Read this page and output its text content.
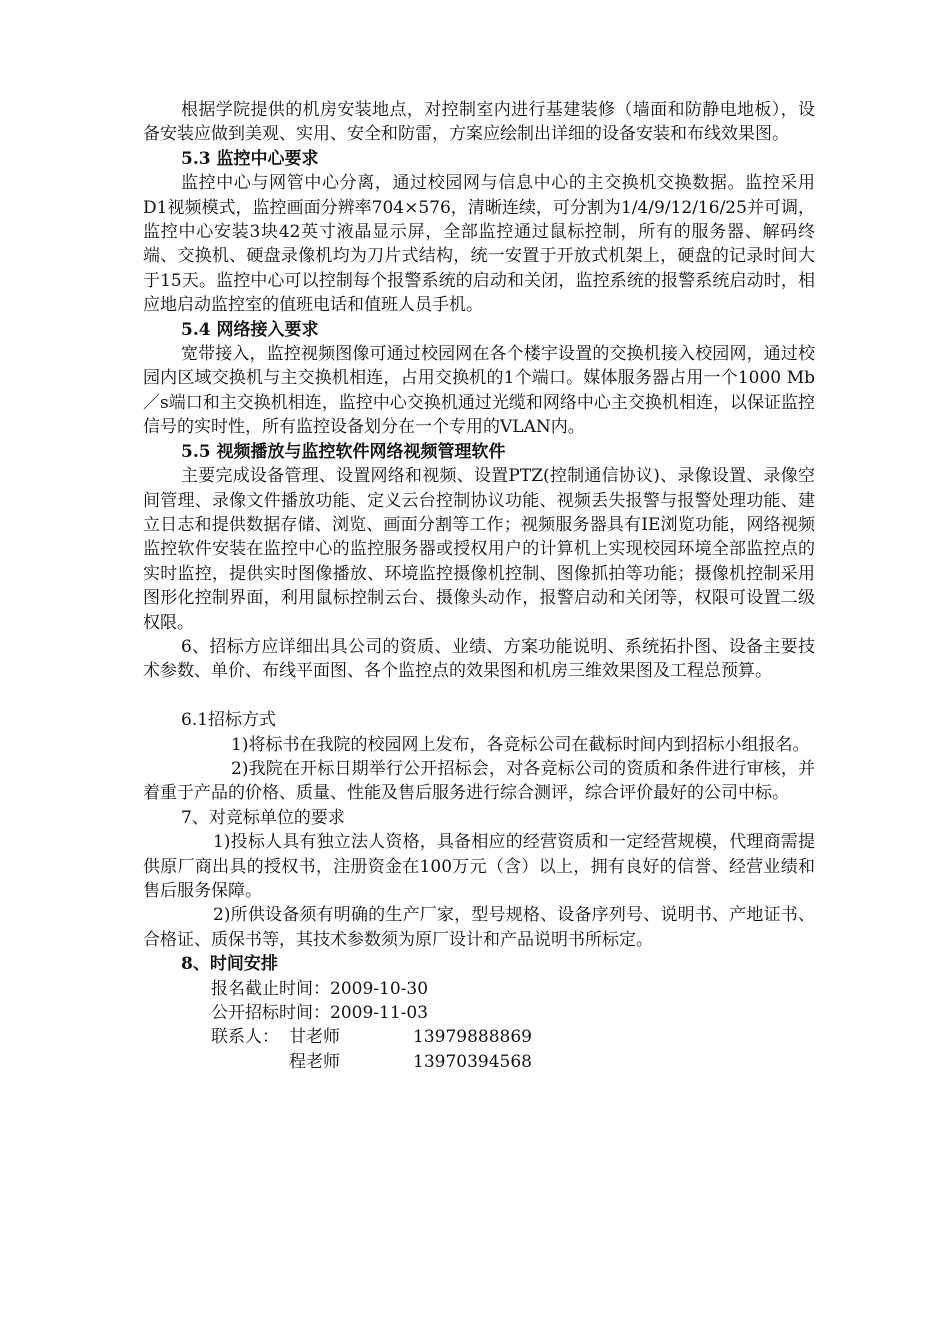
根据学院提供的机房安装地点，对控制室内进行基建装修（墙面和防静电地板），设备安装应做到美观、实用、安全和防雷，方案应绘制出详细的设备安装和布线效果图。

5.3 监控中心要求

监控中心与网管中心分离，通过校园网与信息中心的主交换机交换数据。监控采用D1视频模式，监控画面分辨率704×576，清晰连续，可分割为1/4/9/12/16/25并可调，监控中心安装3块42英寸液晶显示屏，全部监控通过鼠标控制，所有的服务器、解码终端、交换机、硬盘录像机均为刀片式结构，统一安置于开放式机架上，硬盘的记录时间大于15天。监控中心可以控制每个报警系统的启动和关闭，监控系统的报警系统启动时，相应地启动监控室的值班电话和值班人员手机。

5.4 网络接入要求

宽带接入，监控视频图像可通过校园网在各个楼宇设置的交换机接入校园网，通过校园内区域交换机与主交换机相连，占用交换机的1个端口。媒体服务器占用一个1000 Mb／s端口和主交换机相连，监控中心交换机通过光缆和网络中心主交换机相连，以保证监控信号的实时性，所有监控设备划分在一个专用的VLAN内。

5.5 视频播放与监控软件网络视频管理软件

主要完成设备管理、设置网络和视频、设置PTZ(控制通信协议)、录像设置、录像空间管理、录像文件播放功能、定义云台控制协议功能、视频丢失报警与报警处理功能、建立日志和提供数据存储、浏览、画面分割等工作；视频服务器具有IE浏览功能，网络视频监控软件安装在监控中心的监控服务器或授权用户的计算机上实现校园环境全部监控点的实时监控，提供实时图像播放、环境监控摄像机控制、图像抓拍等功能；摄像机控制采用图形化控制界面，利用鼠标控制云台、摄像头动作，报警启动和关闭等，权限可设置二级权限。

6、招标方应详细出具公司的资质、业绩、方案功能说明、系统拓扑图、设备主要技术参数、单价、布线平面图、各个监控点的效果图和机房三维效果图及工程总预算。

6.1招标方式

1)将标书在我院的校园网上发布，各竞标公司在截标时间内到招标小组报名。

2)我院在开标日期举行公开招标会，对各竞标公司的资质和条件进行审核，并着重于产品的价格、质量、性能及售后服务进行综合测评，综合评价最好的公司中标。

7、对竞标单位的要求

1)投标人具有独立法人资格，具备相应的经营资质和一定经营规模，代理商需提供原厂商出具的授权书，注册资金在100万元（含）以上，拥有良好的信誉、经营业绩和售后服务保障。

2)所供设备须有明确的生产厂家，型号规格、设备序列号、说明书、产地证书、合格证、质保书等，其技术参数须为原厂设计和产品说明书所标定。

8、时间安排

报名截止时间： 2009-10-30
公开招标时间： 2009-11-03
联系人： 甘老师	13979888869
程老师	13970394568
